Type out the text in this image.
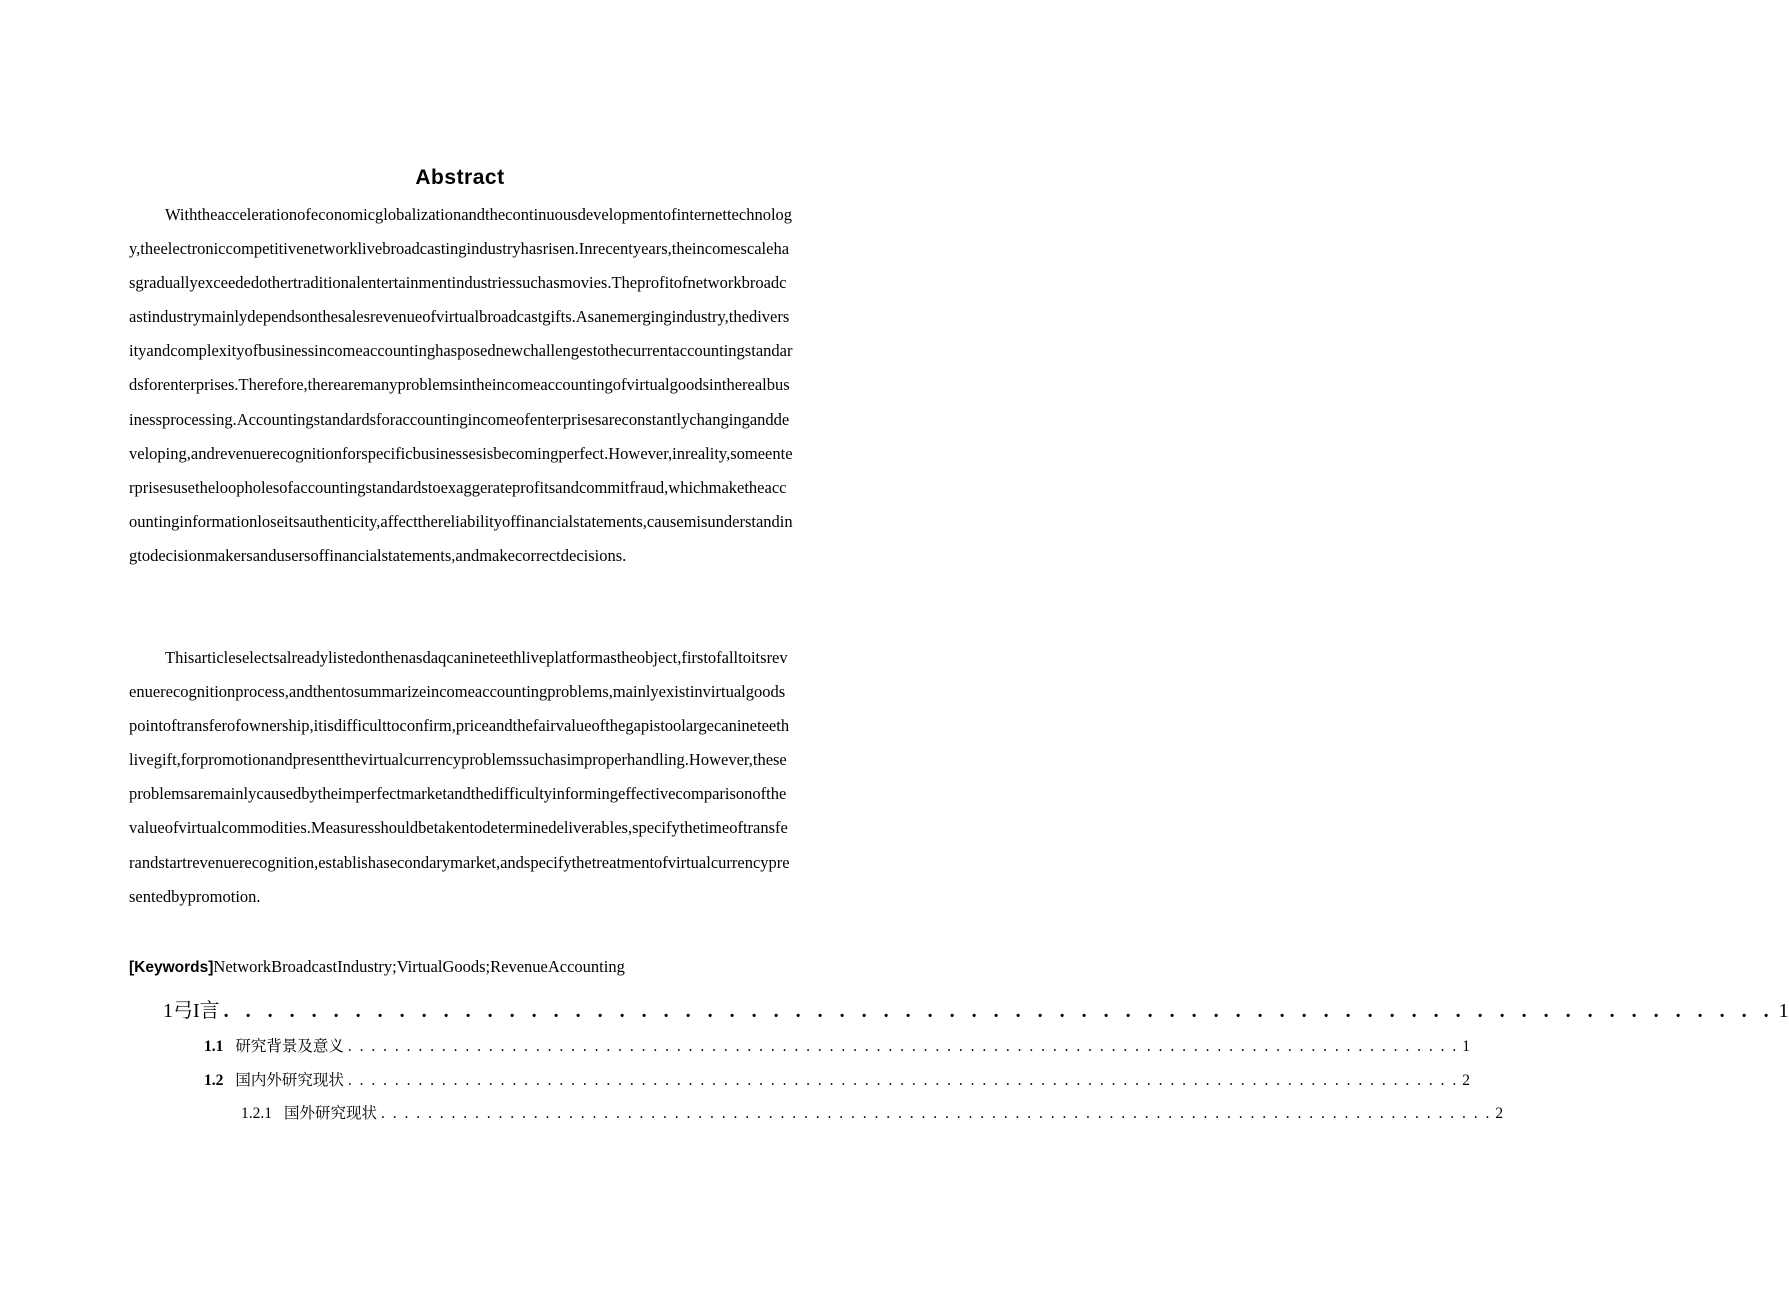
Abstract

Withtheaccelerationofeconomicglobalizationandthecontinuousdevelopmentofinternettechnology,theelectroniccompetitivenetworklivebroadcastingindustryhasrisen.Inrecentyears,theincomescalehasgraduallyexceededothertraditionalentertainmentindustriessuchasmovies.Theprofitofnetworkbroadcastindustrymainlydependsonthesalesrevenueofvirtualbroadcastgifts.Asanemergingindustry,thediversityandcomplexityofbusinessincomeaccountinghasposednewchallengestothecurrentaccountingstandardsforenterprises.Therefore,therearemanyproblemsintheincomeaccountingofvirtualgoodsintherealbusinessprocessing.Accountingstandardsforaccountingincomeofenterprisesareconstantlychanginganddeveloping,andrevenuerecognitionforspecificbusinessesisbecomingperfect.However,inreality,someenterprisesusetheloopholesofaccountingstandardstoexaggerateprofitsandcommitfraud,whichmaketheaccountinginformationloseitsauthenticity,affectthereliabilityoffinancialstatements,causemisunderstandingtodecisionmakersandusersoffinancialstatements,andmakecorrectdecisions.

Thisarticleselectsalreadylistedonthenasdaqcanineteethliveplatformastheobject,firstofalltoitsrevenuerecognitionprocess,andthentosummarizeincomeaccountingproblems,mainlyexistinvirtualgoodspointoftransferofownership,itisdifficulttoconfirm,priceandthefairvalueofthegapistoolargecanineteethlivegift,forpromotionandpresentthevirtualcurrencyproblemssuchasimproperhandling.However,theseproblemsaremainlycausedbytheimperfectmarketandthedifficultyinformingeffectivecomparisonofthevalueofvirtualcommodities.Measuresshouldbetakentodeterminedeliverables,specifythetimeoftransferandstartrevenuerecognition,establishasecondarymarket,andspecifythetreatmentofvirtualcurrencypresentedbypromotion.

[Keywords]NetworkBroadcastIndustry;VirtualGoods;RevenueAccounting
1 弓I言 . . . . . . . . . . . . . . . . . . . . . . . . . . . . . . . . . . . . . . . . . . . . . . . . . . . . . . . . . . . . . . . . . . . . . . . 1
1.1 研究背景及意义 . . . . . . . . . . . . . . . . . . . . . . . . . . . . . . . . . . . . . . . . . . . . . . . . . . . . . . . . . . . . . . . . . . . . . . . . . . . . . . . . . . . . . . . . . . . . . . . 1
1.2 国内外研究现状 . . . . . . . . . . . . . . . . . . . . . . . . . . . . . . . . . . . . . . . . . . . . . . . . . . . . . . . . . . . . . . . . . . . . . . . . . . . . . . . . . . . . . . . . . . . . . . . 2
1.2.1 国外研究现状 . . . . . . . . . . . . . . . . . . . . . . . . . . . . . . . . . . . . . . . . . . . . . . . . . . . . . . . . . . . . . . . . . . . . . . . . . . . . . . . . . . . . . . . . . . . . . . . 2
